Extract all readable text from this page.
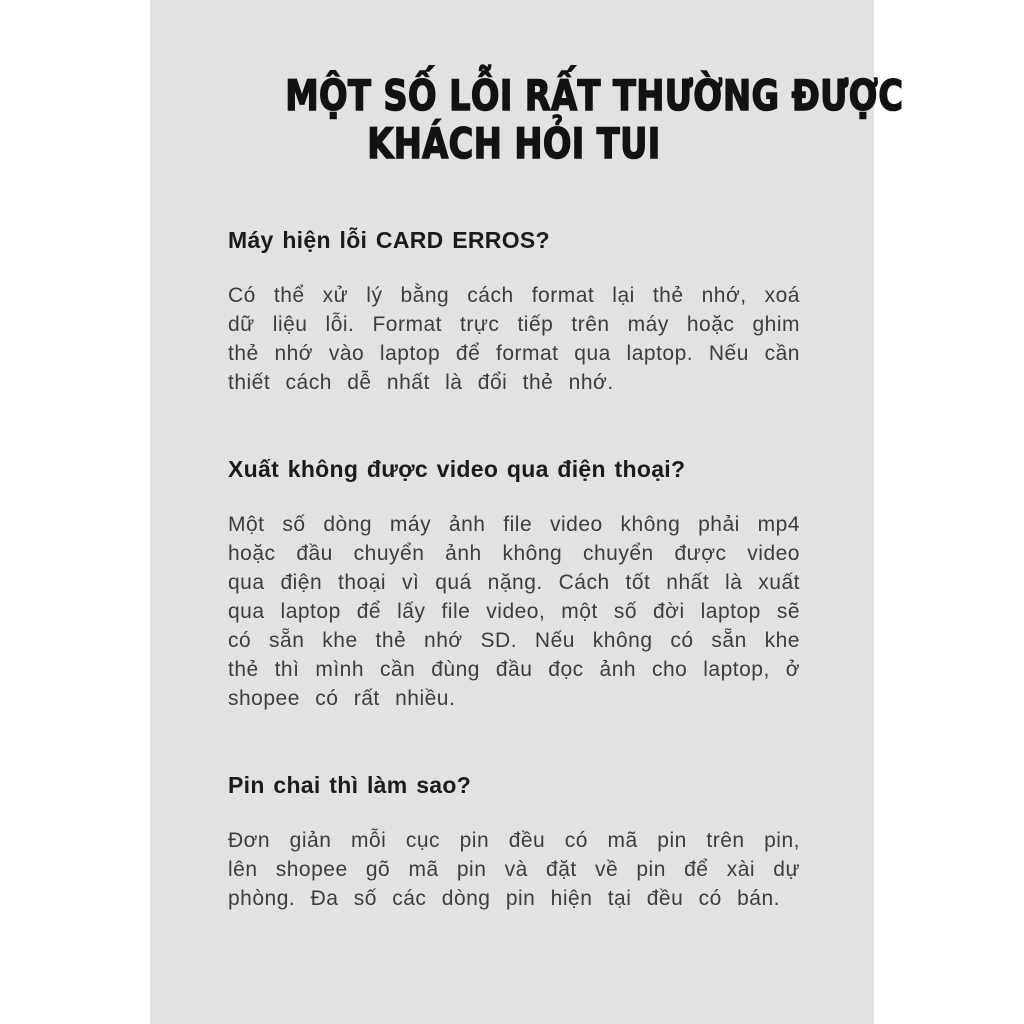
MỘT SỐ LỖI RẤT THƯỜNG ĐƯỢC
KHÁCH HỎI TUI
Máy hiện lỗi CARD ERROS?

Có thể xử lý bằng cách format lại thẻ nhớ, xoá dữ liệu lỗi. Format trực tiếp trên máy hoặc ghim thẻ nhớ vào laptop để format qua laptop. Nếu cần thiết cách dễ nhất là đổi thẻ nhớ.

Xuất không được video qua điện thoại?

Một số dòng máy ảnh file video không phải mp4 hoặc đầu chuyển ảnh không chuyển được video qua điện thoại vì quá nặng. Cách tốt nhất là xuất qua laptop để lấy file video, một số đời laptop sẽ có sẵn khe thẻ nhớ SD. Nếu không có sẵn khe thẻ thì mình cần đùng đầu đọc ảnh cho laptop, ở shopee có rất nhiều.

Pin chai thì làm sao?

Đơn giản mỗi cục pin đều có mã pin trên pin, lên shopee gõ mã pin và đặt về pin để xài dự phòng. Đa số các dòng pin hiện tại đều có bán.
